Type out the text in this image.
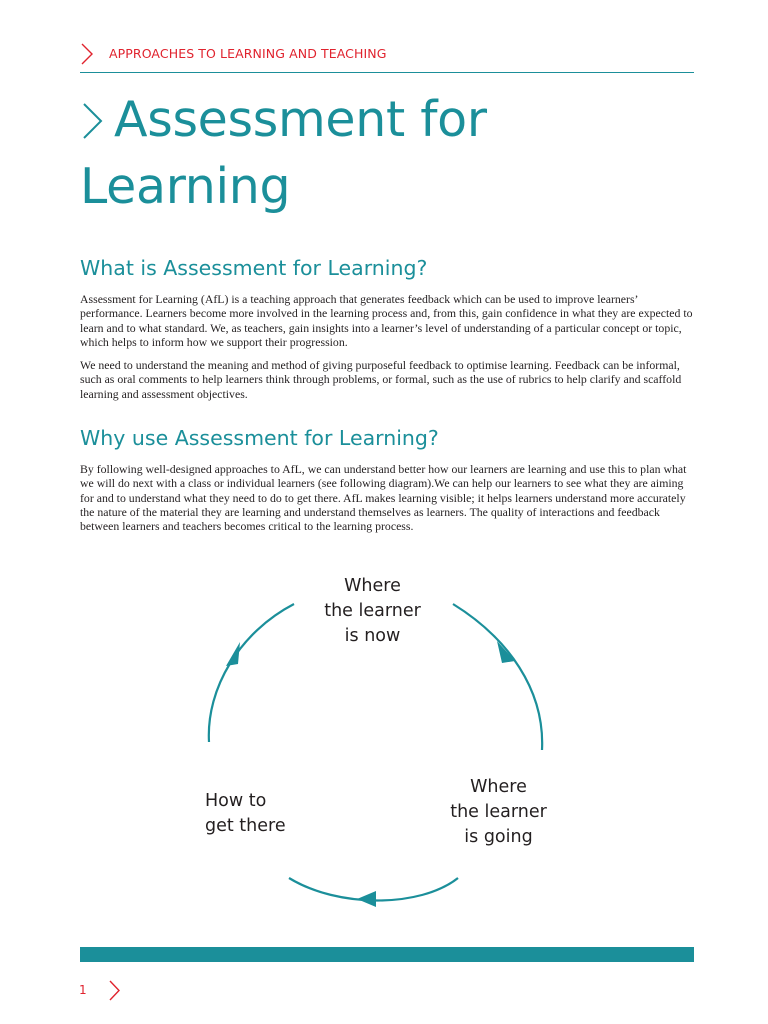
APPROACHES TO LEARNING AND TEACHING
Assessment for Learning
What is Assessment for Learning?

Assessment for Learning (AfL) is a teaching approach that generates feedback which can be used to improve learners’ performance. Learners become more involved in the learning process and, from this, gain confidence in what they are expected to learn and to what standard. We, as teachers, gain insights into a learner’s level of understanding of a particular concept or topic, which helps to inform how we support their progression.

We need to understand the meaning and method of giving purposeful feedback to optimise learning. Feedback can be informal, such as oral comments to help learners think through problems, or formal, such as the use of rubrics to help clarify and scaffold learning and assessment objectives.

Why use Assessment for Learning?

By following well-designed approaches to AfL, we can understand better how our learners are learning and use this to plan what we will do next with a class or individual learners (see following diagram).We can help our learners to see what they are aiming for and to understand what they need to do to get there. AfL makes learning visible; it helps learners understand more accurately the nature of the material they are learning and understand themselves as learners. The quality of interactions and feedback between learners and teachers becomes critical to the learning process.

Where
the learner
is now
Where
the learner
is going
How to
get there
1
